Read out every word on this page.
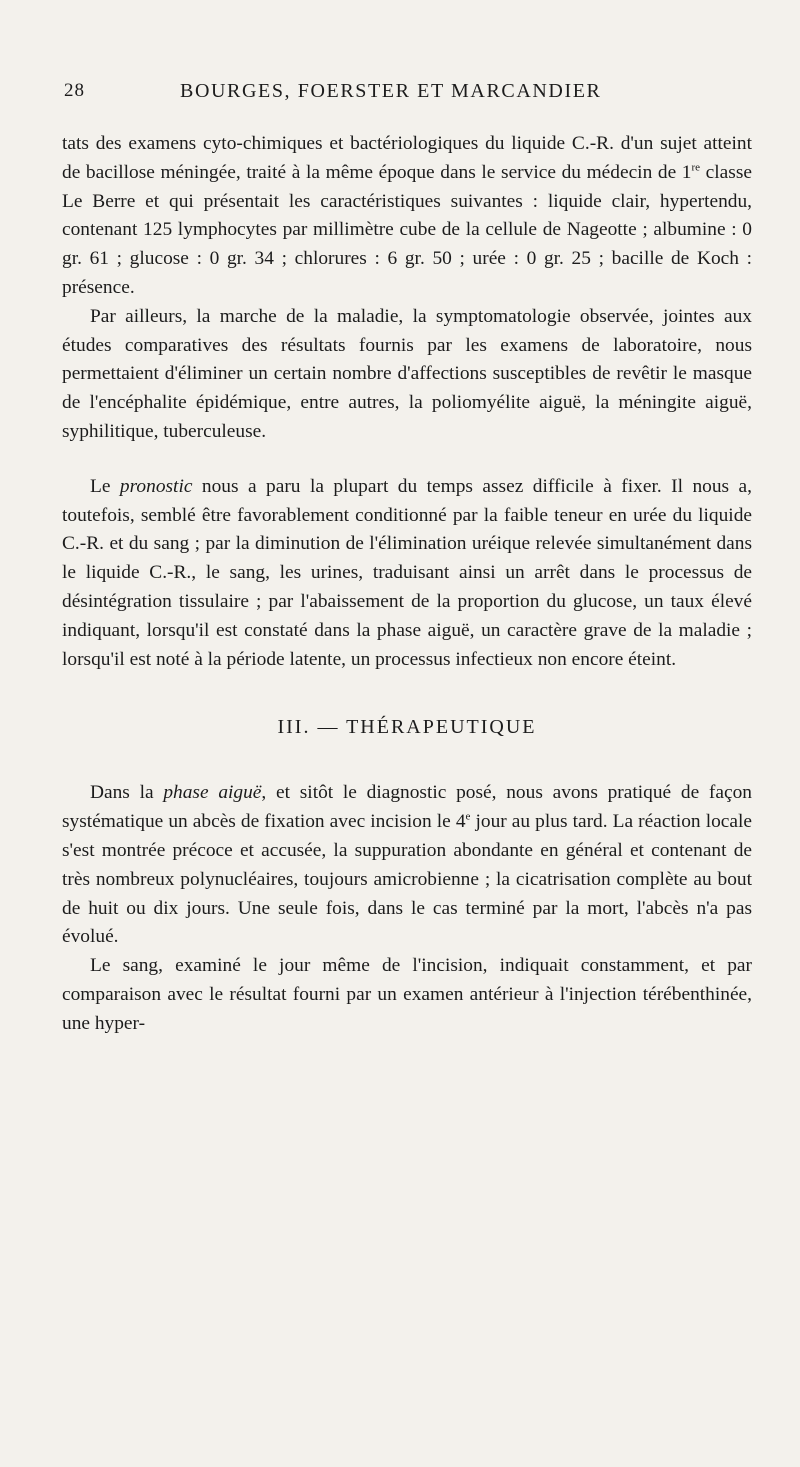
28	BOURGES, FOERSTER ET MARCANDIER

tats des examens cyto-chimiques et bactériologiques du liquide C.-R. d'un sujet atteint de bacillose méningée, traité à la même époque dans le service du médecin de 1re classe Le Berre et qui présentait les caractéristiques suivantes : liquide clair, hypertendu, contenant 125 lymphocytes par millimètre cube de la cellule de Nageotte ; albumine : 0 gr. 61 ; glucose : 0 gr. 34 ; chlorures : 6 gr. 50 ; urée : 0 gr. 25 ; bacille de Koch : présence.

Par ailleurs, la marche de la maladie, la symptomatologie observée, jointes aux études comparatives des résultats fournis par les examens de laboratoire, nous permettaient d'éliminer un certain nombre d'affections susceptibles de revêtir le masque de l'encéphalite épidémique, entre autres, la poliomyélite aiguë, la méningite aiguë, syphilitique, tuberculeuse.

Le pronostic nous a paru la plupart du temps assez difficile à fixer. Il nous a, toutefois, semblé être favorablement conditionné par la faible teneur en urée du liquide C.-R. et du sang ; par la diminution de l'élimination uréique relevée simultanément dans le liquide C.-R., le sang, les urines, traduisant ainsi un arrêt dans le processus de désintégration tissulaire ; par l'abaissement de la proportion du glucose, un taux élevé indiquant, lorsqu'il est constaté dans la phase aiguë, un caractère grave de la maladie ; lorsqu'il est noté à la période latente, un processus infectieux non encore éteint.

III. — THÉRAPEUTIQUE

Dans la phase aiguë, et sitôt le diagnostic posé, nous avons pratiqué de façon systématique un abcès de fixation avec incision le 4e jour au plus tard. La réaction locale s'est montrée précoce et accusée, la suppuration abondante en général et contenant de très nombreux polynucléaires, toujours amicrobienne ; la cicatrisation complète au bout de huit ou dix jours. Une seule fois, dans le cas terminé par la mort, l'abcès n'a pas évolué.

Le sang, examiné le jour même de l'incision, indiquait constamment, et par comparaison avec le résultat fourni par un examen antérieur à l'injection térébenthinée, une hyper-
